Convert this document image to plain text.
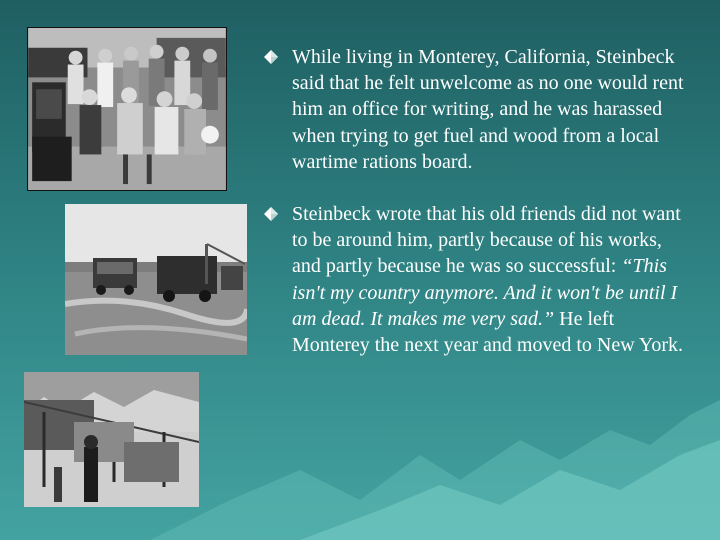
While living in Monterey, California, Steinbeck said that he felt unwelcome as no one would rent him an office for writing, and he was harassed when trying to get fuel and wood from a local wartime rations board.
Steinbeck wrote that his old friends did not want to be around him, partly because of his works, and partly because he was so successful: “This isn't my country anymore. And it won't be until I am dead. It makes me very sad.” He left Monterey the next year and moved to New York.
